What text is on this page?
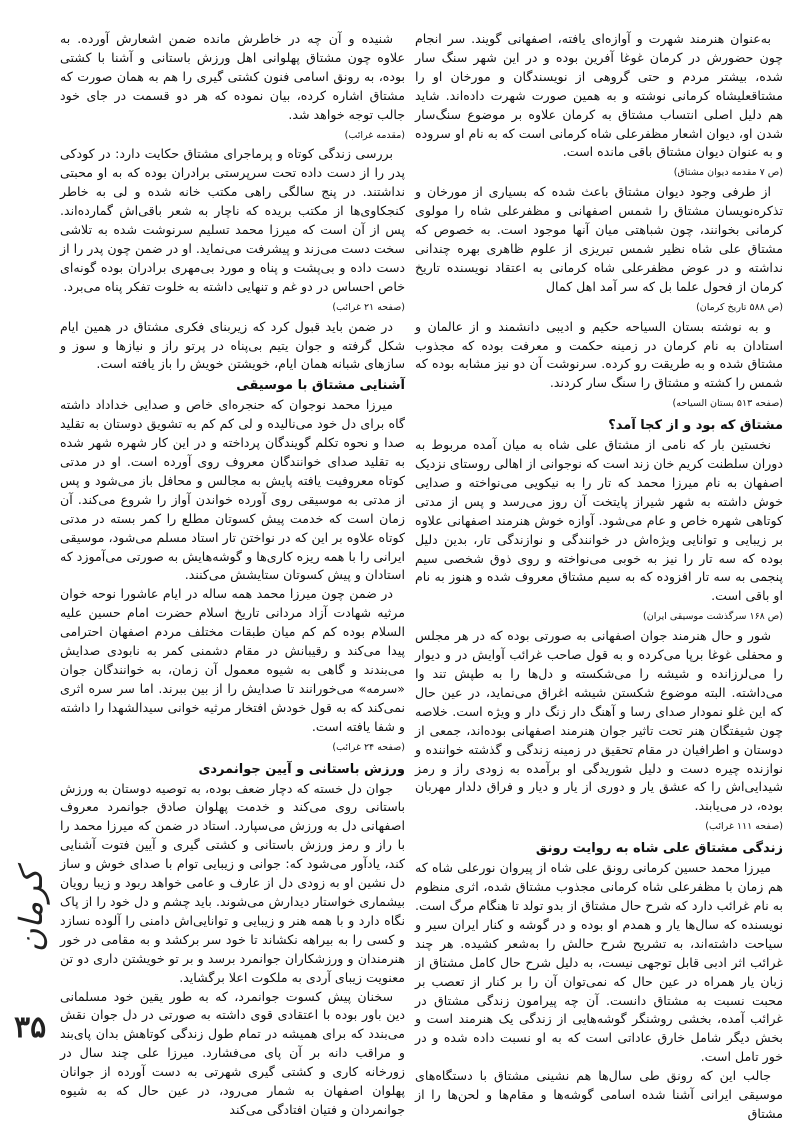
به‌عنوان هنرمند شهرت و آوازه‌ای یافته، اصفهانی گویند. سر انجام چون حضورش در کرمان غوغا آفرین بوده و در این شهر سنگ سار شده، بیشتر مردم و حتی گروهی از نویسندگان و مورخان او را مشتاقعلیشاه کرمانی نوشته و به همین صورت شهرت داده‌اند. شاید هم دلیل اصلی انتساب مشتاق به کرمان علاوه بر موضوع سنگ‌سار شدن او، دیوان اشعار مظفرعلی شاه کرمانی است که به نام او سروده و به عنوان دیوان مشتاق باقی مانده است.

(ص ۷ مقدمه دیوان مشتاق)

از طرفی وجود دیوان مشتاق باعث شده که بسیاری از مورخان و تذکره‌نویسان مشتاق را شمس اصفهانی و مظفرعلی شاه را مولوی کرمانی بخوانند، چون شباهتی میان آنها موجود است. به خصوص که مشتاق علی شاه نظیر شمس تبریزی از علوم ظاهری بهره چندانی نداشته و در عوض مظفرعلی شاه کرمانی به اعتقاد نویسنده تاریخ کرمان از فحول علما بل که سر آمد اهل کمال

(ص ۵۸۸ تاریخ کرمان)

و به نوشته بستان السیاحه حکیم و ادیبی دانشمند و از عالمان و استادان به نام کرمان در زمینه حکمت و معرفت بوده که مجذوب مشتاق شده و به طریقت رو کرده. سرنوشت آن دو نیز مشابه بوده که شمس را کشته و مشتاق را سنگ سار کردند.

(صفحه ۵۱۳ بستان السیاحه)
مشتاق که بود و از کجا آمد؟

نخستین بار که نامی از مشتاق علی شاه به میان آمده مربوط به دوران سلطنت کریم خان زند است که نوجوانی از اهالی روستای نزدیک اصفهان به نام میرزا محمد که تار را به نیکویی می‌نواخته و صدایی خوش داشته به شهر شیراز پایتخت آن روز می‌رسد و پس از مدتی کوتاهی شهره خاص و عام می‌شود. آوازه خوش هنرمند اصفهانی علاوه بر زیبایی و توانایی ویژه‌اش در خوانندگی و نوازندگی تار، بدین دلیل بوده که سه تار را نیز به خوبی می‌نواخته و روی ذوق شخصی سیم پنجمی به سه تار افزوده که به سیم مشتاق معروف شده و هنوز به نام او باقی است.

(ص ۱۶۸ سرگذشت موسیقی ایران)

شور و حال هنرمند جوان اصفهانی به صورتی بوده که در هر مجلس و محفلی غوغا برپا می‌کرده و به قول صاحب غرائب آوایش در و دیوار را می‌لرزانده و شیشه را می‌شکسته و دل‌ها را به طپش تند وا می‌داشته. البته موضوع شکستن شیشه اغراق می‌نماید، در عین حال که این غلو نمودار صدای رسا و آهنگ دار زنگ دار و ویژه است. خلاصه چون شیفتگان هنر تحت تاثیر جوان هنرمند اصفهانی بوده‌اند، جمعی از دوستان و اطرافیان در مقام تحقیق در زمینه زندگی و گذشته خواننده و نوازنده چیره دست و دلیل شوریدگی او برآمده به زودی راز و رمز شیدایی‌اش را که عشق یار و دوری از یار و دیار و فراق دلدار مهربان بوده، در می‌یابند.

(صفحه ۱۱۱ غرائب)
زندگی مشتاق علی شاه به روایت رونق

میرزا محمد حسین کرمانی رونق علی شاه از پیروان نورعلی شاه که هم زمان با مظفرعلی شاه کرمانی مجذوب مشتاق شده، اثری منظوم به نام غرائب دارد که شرح حال مشتاق از بدو تولد تا هنگام مرگ است. نویسنده که سال‌ها یار و همدم او بوده و در گوشه و کنار ایران سیر و سیاحت داشته‌اند، به تشریح شرح حالش را به‌شعر کشیده. هر چند غرائب اثر ادبی قابل توجهی نیست، به دلیل شرح حال کامل مشتاق از زبان یار همراه در عین حال که نمی‌توان آن را بر کنار از تعصب بر محبت نسبت به مشتاق دانست. آن چه پیرامون زندگی مشتاق در غرائب آمده، بخشی روشنگر گوشه‌هایی از زندگی یک هنرمند است و بخش دیگر شامل خارق عاداتی است که به او نسبت داده شده و در خور تامل است.

جالب این که رونق طی سال‌ها هم نشینی مشتاق با دستگاه‌های موسیقی ایرانی آشنا شده اسامی گوشه‌ها و مقام‌ها و لحن‌ها را از مشتاق

شنیده و آن چه در خاطرش مانده ضمن اشعارش آورده. به علاوه چون مشتاق پهلوانی اهل ورزش باستانی و آشنا با کشتی بوده، به رونق اسامی فنون کشتی گیری را هم به همان صورت که مشتاق اشاره کرده، بیان نموده که هر دو قسمت در جای خود جالب توجه خواهد شد.

(مقدمه غرائب)

بررسی زندگی کوتاه و پرماجرای مشتاق حکایت دارد: در کودکی پدر را از دست داده تحت سرپرستی برادران بوده که به او محبتی نداشتند. در پنج سالگی راهی مکتب خانه شده و لی به خاطر کنجکاوی‌ها از مکتب بریده که ناچار به شعر باقی‌اش گمارده‌اند. پس از آن است که میرزا محمد تسلیم سرنوشت شده به تلاشی سخت دست می‌زند و پیشرفت می‌نماید. او در ضمن چون پدر را از دست داده و بی‌پشت و پناه و مورد بی‌مهری برادران بوده گونه‌ای خاص احساس در دو غم و تنهایی داشته به خلوت تفکر پناه می‌برد.

(صفحه ۲۱ غرائب)

در ضمن باید قبول کرد که زیربنای فکری مشتاق در همین ایام شکل گرفته و جوان یتیم بی‌پناه در پرتو راز و نیازها و سوز و سازهای شبانه همان ایام، خویشتن خویش را باز یافته است.

آشنایی مشتاق با موسیقی

میرزا محمد نوجوان که حنجره‌ای خاص و صدایی خداداد داشته گاه برای دل خود می‌نالیده و لی کم کم به تشویق دوستان به تقلید صدا و نحوه تکلم گویندگان پرداخته و در این کار شهره شهر شده به تقلید صدای خوانندگان معروف روی آورده است. او در مدتی کوتاه معروفیت یافته پایش به مجالس و محافل باز می‌شود و پس از مدتی به موسیقی روی آورده خواندن آواز را شروع می‌کند. آن زمان است که خدمت پیش کسوتان مطلع را کمر بسته در مدتی کوتاه علاوه بر این که در نواختن تار استاد مسلم می‌شود، موسیقی ایرانی را با همه ریزه کاری‌ها و گوشه‌هایش به صورتی می‌آموزد که استادان و پیش کسوتان ستایشش می‌کنند.

در ضمن چون میرزا محمد همه ساله در ایام عاشورا نوحه خوان مرثیه شهادت آزاد مردانی تاریخ اسلام حضرت امام حسین علیه السلام بوده کم کم میان طبقات مختلف مردم اصفهان احترامی پیدا می‌کند و رقیبانش در مقام دشمنی کمر به نابودی صدایش می‌بندند و گاهی به شیوه معمول آن زمان، به خوانندگان جوان «سرمه» می‌خورانند تا صدایش را از بین ببرند. اما سر سره اثری نمی‌کند که به قول خودش افتخار مرثیه خوانی سیدالشهدا را داشته و شفا یافته است.

(صفحه ۲۴ غرائب)
ورزش باستانی و آیین جوانمردی

جوان دل خسته که دچار ضعف بوده، به توصیه دوستان به ورزش باستانی روی می‌کند و خدمت پهلوان صادق جوانمرد معروف اصفهانی دل به ورزش می‌سپارد. استاد در ضمن که میرزا محمد را با راز و رمز ورزش باستانی و کشتی گیری و آیین فتوت آشنایی کند، یادآور می‌شود که: جوانی و زیبایی توام با صدای خوش و ساز دل نشین او به زودی دل از عارف و عامی خواهد ربود و زیبا رویان بیشماری خواستار دیدارش می‌شوند. باید چشم و دل خود را از پاک نگاه دارد و با همه هنر و زیبایی و توانایی‌اش دامنی را آلوده نسازد و کسی را به بیراهه نکشاند تا خود سر برکشد و به مقامی در خور هنرمندان و ورزشکاران جوانمرد برسد و بر تو خویشتن داری دو تن معنویت زیبای آردی به ملکوت اعلا برگشاید.

سخنان پیش کسوت جوانمرد، که به طور یقین خود مسلمانی دین باور بوده با اعتقادی قوی داشته به صورتی در دل جوان نقش می‌بندد که برای همیشه در تمام طول زندگی کوتاهش بدان پای‌بند و مراقب دانه بر آن پای می‌فشارد. میرزا علی چند سال در زورخانه کاری و کشتی گیری شهرتی به دست آورده از جوانان پهلوان اصفهان به شمار می‌رود، در عین حال که به شیوه جوانمردان و فتیان افتادگی می‌کند

کرمان
۳۵
